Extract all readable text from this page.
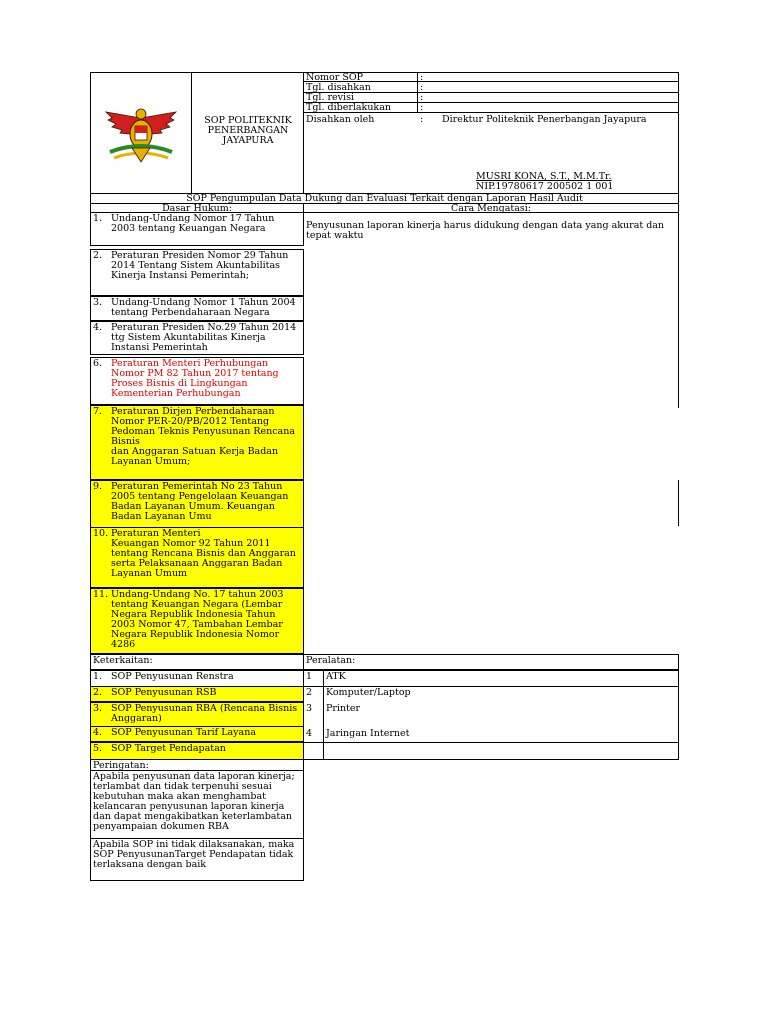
SOP POLITEKNIK
PENERBANGAN
JAYAPURA
Nomor SOP	:
Tgl. disahkan	:
Tgl. revisi	:
Tgl. diberlakukan	:
Disahkan oleh	: Direktur Politeknik Penerbangan Jayapura
MUSRI KONA, S.T., M.M.Tr.
NIP.19780617 200502 1 001
SOP Pengumpulan Data Dukung dan Evaluasi Terkait dengan Laporan Hasil Audit
Dasar Hukum:	Cara Mengatasi:
1. Undang-Undang Nomor 17 Tahun 2003 tentang Keuangan Negara
2. Peraturan Presiden Nomor 29 Tahun 2014 Tentang Sistem Akuntabilitas Kinerja Instansi Pemerintah;
3. Undang-Undang Nomor 1 Tahun 2004 tentang Perbendaharaan Negara
4. Peraturan Presiden No.29 Tahun 2014 ttg Sistem Akuntabilitas Kinerja Instansi Pemerintah
6. Peraturan Menteri Perhubungan Nomor PM 82 Tahun 2017 tentang Proses Bisnis di Lingkungan Kementerian Perhubungan

7. Peraturan Dirjen Perbendaharaan Nomor PER-20/PB/2012 Tentang Pedoman Teknis Penyusunan Rencana Bisnis
dan Anggaran Satuan Kerja Badan Layanan Umum;

9. Peraturan Pemerintah No 23 Tahun 2005 tentang Pengelolaan Keuangan Badan Layanan Umum. Keuangan Badan Layanan Umu

10. Peraturan Menteri
Keuangan Nomor 92 Tahun 2011 tentang Rencana Bisnis dan Anggaran serta Pelaksanaan Anggaran Badan Layanan Umum

11. Undang-Undang No. 17 tahun 2003 tentang Keuangan Negara (Lembar Negara Republik Indonesia Tahun 2003 Nomor 47, Tambahan Lembar Negara Republik Indonesia Nomor 4286
Penyusunan laporan kinerja harus didukung dengan data yang akurat dan tepat waktu
Keterkaitan:	Peralatan:
1. SOP Penyusunan Renstra
2. SOP Penyusunan RSB
3. SOP Penyusunan RBA (Rencana Bisnis Anggaran)
4. SOP Penyusunan Tarif Layana
5. SOP Target Pendapatan
1 ATK
2 Komputer/Laptop
3 Printer
4 Jaringan Internet
Peringatan:
Apabila penyusunan data laporan kinerja; terlambat dan tidak terpenuhi sesuai kebutuhan maka akan menghambat kelancaran penyusunan laporan kinerja dan dapat mengakibatkan keterlambatan penyampaian dokumen RBA
Apabila SOP ini tidak dilaksanakan, maka SOP PenyusunanTarget Pendapatan tidak terlaksana dengan baik
